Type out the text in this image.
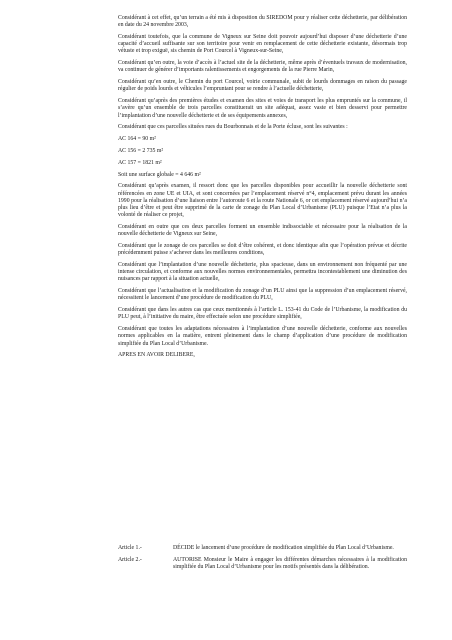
Considérant à cet effet, qu’un terrain a été mis à disposition du SIREDOM pour y réaliser cette déchetterie, par délibération en date du 24 novembre 2003,

Considérant toutefois, que la commune de Vigneux sur Seine doit pouvoir aujourd’hui disposer d’une déchetterie d’une capacité d’accueil suffisante sur son territoire pour venir en remplacement de cette déchetterie existante, désormais trop vétuste et trop exiguë, sis chemin de Port Courcel à Vigneux-sur-Seine,

Considérant qu’en outre, la voie d’accès à l’actuel site de la déchetterie, même après d’éventuels travaux de modernisation, va continuer de générer d’importants ralentissements et engorgements de la rue Pierre Marin,

Considérant qu’en outre, le Chemin du port Courcel, voirie communale, subit de lourds dommages en raison du passage régulier de poids lourds et véhicules l’empruntant pour se rendre à l’actuelle déchetterie,

Considérant qu’après des premières études et examen des sites et voies de transport les plus empruntés sur la commune, il s’avère qu’un ensemble de trois parcelles constituerait un site adéquat, assez vaste et bien desservi pour permettre l’implantation d’une nouvelle déchetterie et de ses équipements annexes,

Considérant que ces parcelles situées rues du Bourbonnais et de la Porte écluse, sont les suivantes :

AC 164 = 90 m²

AC 156 = 2 735 m²

AC 157 = 1821 m²

Soit une surface globale = 4 646 m²

Considérant qu’après examen, il ressort donc que les parcelles disponibles pour accueillir la nouvelle déchetterie sont référencées en zone UE et UIA, et sont concernées par l’emplacement réservé n°4, emplacement prévu durant les années 1990 pour la réalisation d’une liaison entre l’autoroute 6 et la route Nationale 6, or cet emplacement réservé aujourd’hui n’a plus lieu d’être et peut être supprimé de la carte de zonage du Plan Local d’Urbanisme (PLU) puisque l’Etat n’a plus la volonté de réaliser ce projet,

Considérant en outre que ces deux parcelles forment un ensemble indissociable et nécessaire pour la réalisation de la nouvelle déchetterie de Vigneux sur Seine,

Considérant que le zonage de ces parcelles se doit d’être cohérent, et donc identique afin que l’opération prévue et décrite précédemment puisse s’achever dans les meilleures conditions,

Considérant que l’implantation d’une nouvelle déchetterie, plus spacieuse, dans un environnement non fréquenté par une intense circulation, et conforme aux nouvelles normes environnementales, permettra incontestablement une diminution des nuisances par rapport à la situation actuelle,

Considérant que l’actualisation et la modification du zonage d’un PLU ainsi que la suppression d’un emplacement réservé, nécessitent le lancement d’une procédure de modification du PLU,

Considérant que dans les autres cas que ceux mentionnés à l’article L. 153-41 du Code de l’Urbanisme, la modification du PLU peut, à l’initiative du maire, être effectuée selon une procédure simplifiée,

Considérant que toutes les adaptations nécessaires à l’implantation d’une nouvelle déchetterie, conforme aux nouvelles normes applicables en la matière, entrent pleinement dans le champ d’application d’une procédure de modification simplifiée du Plan Local d’Urbanisme.

APRES EN AVOIR DELIBERE,

Article 1.-	DÉCIDE le lancement d’une procédure de modification simplifiée du Plan Local d’Urbanisme.
Article 2.-	AUTORISE Monsieur le Maire à engager les différentes démarches nécessaires à la modification simplifiée du Plan Local d’Urbanisme pour les motifs présentés dans la délibération.
